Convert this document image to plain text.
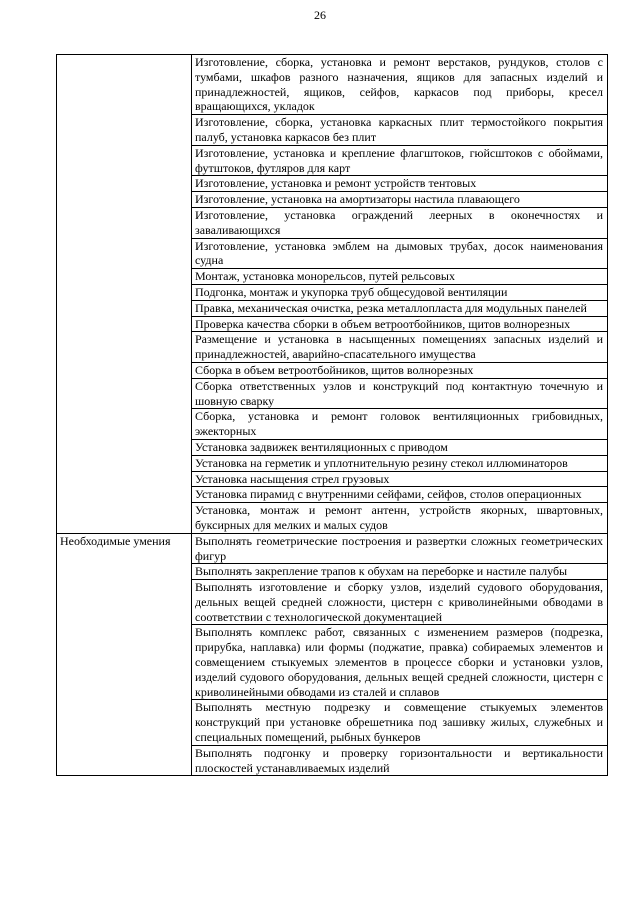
26
	Изготовление, сборка, установка и ремонт верстаков, рундуков, столов с тумбами, шкафов разного назначения, ящиков для запасных изделий и принадлежностей, ящиков, сейфов, каркасов под приборы, кресел вращающихся, укладок
	Изготовление, сборка, установка каркасных плит термостойкого покрытия палуб, установка каркасов без плит
	Изготовление, установка и крепление флагштоков, гюйсштоков с обоймами, футштоков, футляров для карт
	Изготовление, установка и ремонт устройств тентовых
	Изготовление, установка на амортизаторы настила плавающего
	Изготовление, установка ограждений леерных в оконечностях и заваливающихся
	Изготовление, установка эмблем на дымовых трубах, досок наименования судна
	Монтаж, установка монорельсов, путей рельсовых
	Подгонка, монтаж и укупорка труб общесудовой вентиляции
	Правка, механическая очистка, резка металлопласта для модульных панелей
	Проверка качества сборки в объем ветроотбойников, щитов волнорезных
	Размещение и установка в насыщенных помещениях запасных изделий и принадлежностей, аварийно-спасательного имущества
	Сборка в объем ветроотбойников, щитов волнорезных
	Сборка ответственных узлов и конструкций под контактную точечную и шовную сварку
	Сборка, установка и ремонт головок вентиляционных грибовидных, эжекторных
	Установка задвижек вентиляционных с приводом
	Установка на герметик и уплотнительную резину стекол иллюминаторов
	Установка насыщения стрел грузовых
	Установка пирамид с внутренними сейфами, сейфов, столов операционных
	Установка, монтаж и ремонт антенн, устройств якорных, швартовных, буксирных для мелких и малых судов
Необходимые умения	Выполнять геометрические построения и развертки сложных геометрических фигур
	Выполнять закрепление трапов к обухам на переборке и настиле палубы
	Выполнять изготовление и сборку узлов, изделий судового оборудования, дельных вещей средней сложности, цистерн с криволинейными обводами в соответствии с технологической документацией
	Выполнять комплекс работ, связанных с изменением размеров (подрезка, прирубка, наплавка) или формы (поджатие, правка) собираемых элементов и совмещением стыкуемых элементов в процессе сборки и установки узлов, изделий судового оборудования, дельных вещей средней сложности, цистерн с криволинейными обводами из сталей и сплавов
	Выполнять местную подрезку и совмещение стыкуемых элементов конструкций при установке обрешетника под зашивку жилых, служебных и специальных помещений, рыбных бункеров
	Выполнять подгонку и проверку горизонтальности и вертикальности плоскостей устанавливаемых изделий
